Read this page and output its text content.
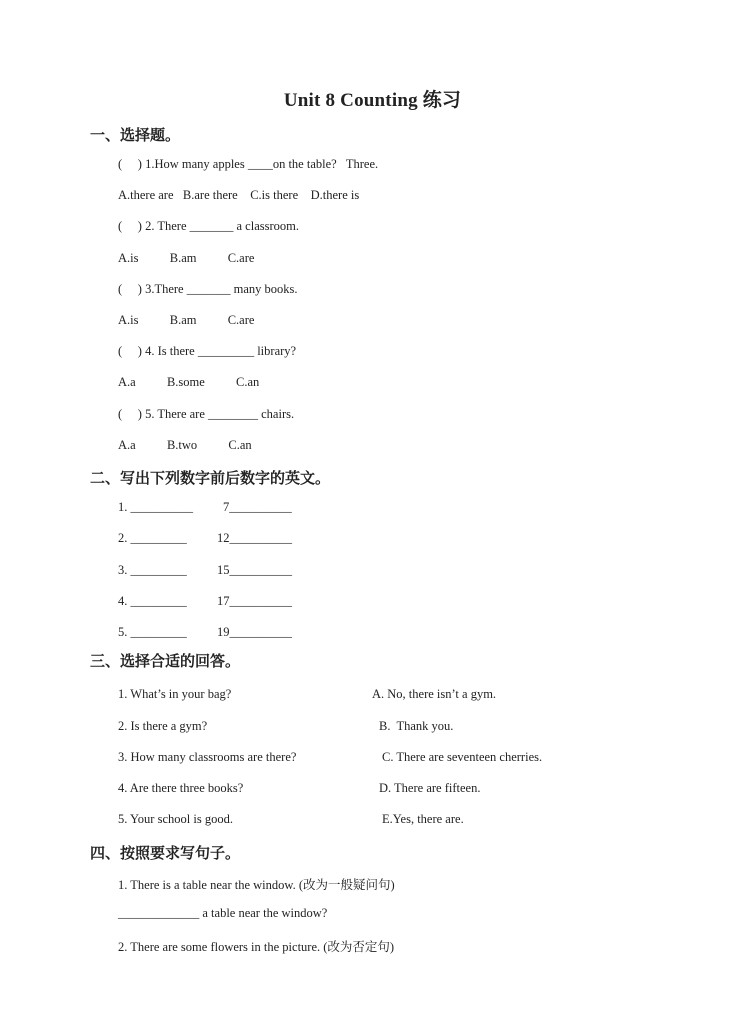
Unit 8 Counting 练习
一、选择题。
(     ) 1.How many apples ____on the table?   Three.
A.there are   B.are there    C.is there    D.there is
(     ) 2. There _______ a classroom.
A.is          B.am          C.are
(     ) 3.There _______ many books.
A.is          B.am          C.are
(     ) 4. Is there _________ library?
A.a          B.some          C.an
(     ) 5. There are ________ chairs.
A.a          B.two          C.an
二、写出下列数字前后数字的英文。
1. __________ 7__________
2. _________ 12__________
3. _________ 15__________
4. _________ 17__________
5. _________ 19__________
三、选择合适的回答。
1. What’s in your bag?	A. No, there isn’t a gym.
2. Is there a gym?	B.  Thank you.
3. How many classrooms are there?	C. There are seventeen cherries.
4. Are there three books?	D. There are fifteen.
5. Your school is good.	E.Yes, there are.
四、按照要求写句子。
1. There is a table near the window. (改为一般疑问句)
_____________ a table near the window?
2. There are some flowers in the picture. (改为否定句)
